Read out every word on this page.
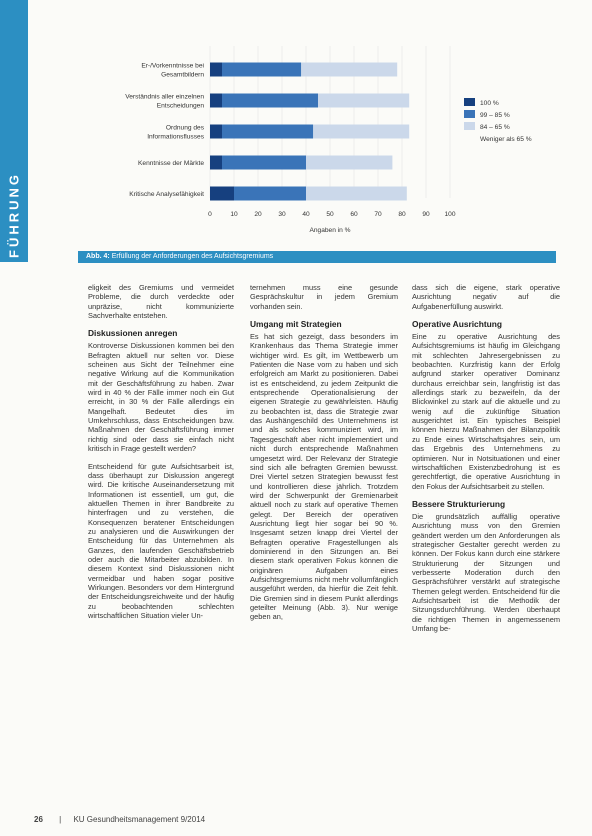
FÜHRUNG
Er-/Vorkenntnisse bei Gesamtbildern
Verständnis aller einzelnen Entscheidungen
Ordnung des Informationsflusses
Kenntnisse der Märkte
Kritische Analysefähigkeit
0	10	20	30	40	50	60	70	80	90 100
Angaben in %
100 %
99 – 85 %
84 – 65 %
Weniger als 65 %
Abb. 4: Erfüllung der Anforderungen des Aufsichtsgremiums

eligkeit des Gremiums und vermeidet Probleme, die durch verdeckte oder unpräzise, nicht kommunizierte Sachverhalte entstehen.

Diskussionen anregen

Kontroverse Diskussionen kommen bei den Befragten aktuell nur selten vor. Diese scheinen aus Sicht der Teilnehmer eine negative Wirkung auf die Kommunikation mit der Geschäftsführung zu haben. Zwar wird in 40 % der Fälle immer noch ein Gut erreicht, in 30 % der Fälle allerdings ein Mangelhaft. Bedeutet dies im Umkehrschluss, dass Entscheidungen bzw. Maßnahmen der Geschäftsführung immer richtig sind oder dass sie einfach nicht kritisch in Frage gestellt werden?

Entscheidend für gute Aufsichtsarbeit ist, dass überhaupt zur Diskussion angeregt wird. Die kritische Auseinandersetzung mit Informationen ist essentiell, um gut, die aktuellen Themen in ihrer Bandbreite zu hinterfragen und zu verstehen, die Konsequenzen beratener Entscheidungen zu analysieren und die Auswirkungen der Entscheidung für das Unternehmen als Ganzes, den laufenden Geschäftsbetrieb oder auch die Mitarbeiter abzubilden. In diesem Kontext sind Diskussionen nicht vermeidbar und haben sogar positive Wirkungen. Besonders vor dem Hintergrund der Entscheidungsreichweite und der häufig zu beobachtenden schlechten wirtschaftlichen Situation vieler Un-

ternehmen muss eine gesunde Gesprächskultur in jedem Gremium vorhanden sein.

Umgang mit Strategien

Es hat sich gezeigt, dass besonders im Krankenhaus das Thema Strategie immer wichtiger wird. Es gilt, im Wettbewerb um Patienten die Nase vorn zu haben und sich erfolgreich am Markt zu positionieren. Dabei ist es entscheidend, zu jedem Zeitpunkt die entsprechende Operationalisierung der eigenen Strategie zu gewährleisten. Häufig zu beobachten ist, dass die Strategie zwar das Aushängeschild des Unternehmens ist und als solches kommuniziert wird, im Tagesgeschäft aber nicht implementiert und nicht durch entsprechende Maßnahmen umgesetzt wird. Der Relevanz der Strategie sind sich alle befragten Gremien bewusst. Drei Viertel setzen Strategien bewusst fest und kontrollieren diese jährlich. Trotzdem wird der Schwerpunkt der Gremienarbeit aktuell noch zu stark auf operative Themen gelegt. Der Bereich der operativen Ausrichtung liegt hier sogar bei 90 %. Insgesamt setzen knapp drei Viertel der Befragten operative Fragestellungen als dominierend in den Sitzungen an. Bei diesem stark operativen Fokus können die originären Aufgaben eines Aufsichtsgremiums nicht mehr vollumfänglich ausgeführt werden, da hierfür die Zeit fehlt. Die Gremien sind in diesem Punkt allerdings geteilter Meinung (Abb. 3). Nur wenige geben an,

dass sich die eigene, stark operative Ausrichtung negativ auf die Aufgabenerfüllung auswirkt.

Operative Ausrichtung

Eine zu operative Ausrichtung des Aufsichtsgremiums ist häufig im Gleichgang mit schlechten Jahresergebnissen zu beobachten. Kurzfristig kann der Erfolg aufgrund starker operativer Dominanz durchaus erreichbar sein, langfristig ist das allerdings stark zu bezweifeln, da der Blickwinkel zu stark auf die aktuelle und zu wenig auf die zukünftige Situation ausgerichtet ist. Ein typisches Beispiel können hierzu Maßnahmen der Bilanzpolitik zu Ende eines Wirtschaftsjahres sein, um das Ergebnis des Unternehmens zu optimieren. Nur in Notsituationen und einer wirtschaftlichen Existenzbedrohung ist es gerechtfertigt, die operative Ausrichtung in den Fokus der Aufsichtsarbeit zu stellen.

Bessere Strukturierung

Die grundsätzlich auffällig operative Ausrichtung muss von den Gremien geändert werden um den Anforderungen als strategischer Gestalter gerecht werden zu können. Der Fokus kann durch eine stärkere Strukturierung der Sitzungen und verbesserte Moderation durch den Gesprächsführer verstärkt auf strategische Themen gelegt werden. Entscheidend für die Aufsichtsarbeit ist die Methodik der Sitzungsdurchführung. Werden überhaupt die richtigen Themen in angemessenem Umfang be-

26 | KU Gesundheitsmanagement 9/2014
